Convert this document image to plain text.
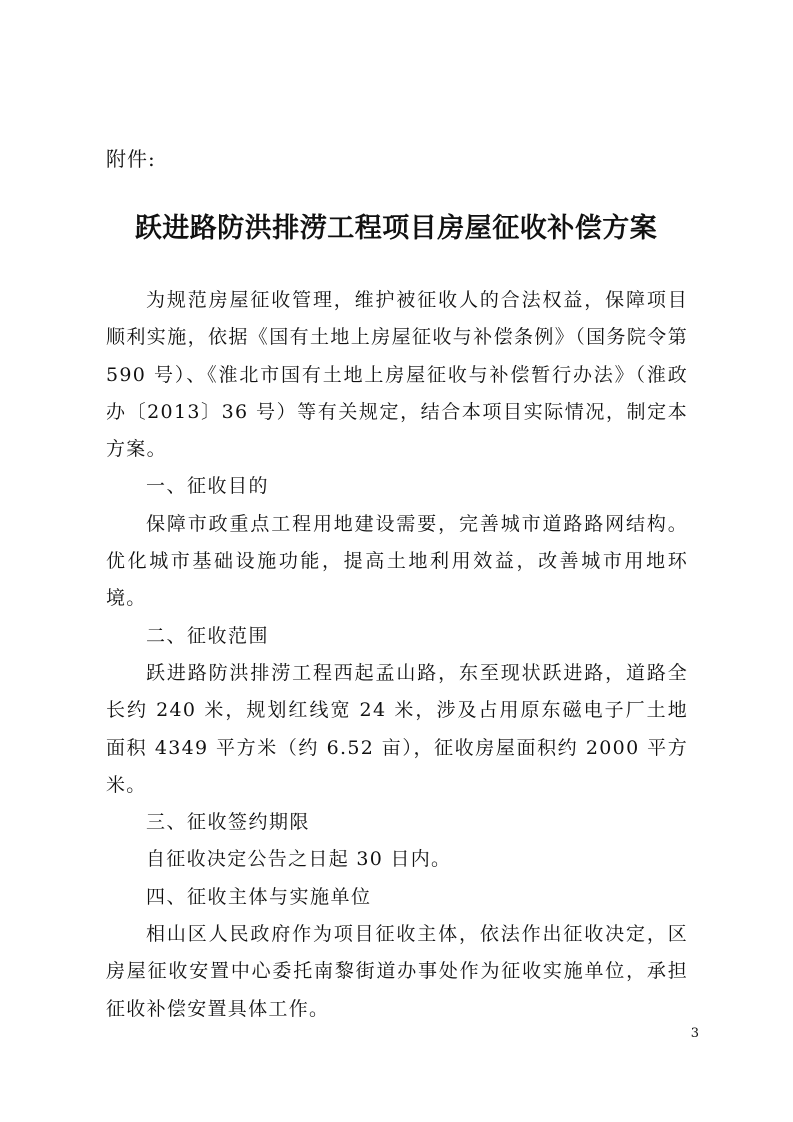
附件:
跃进路防洪排涝工程项目房屋征收补偿方案

为规范房屋征收管理，维护被征收人的合法权益，保障项目顺利实施，依据《国有土地上房屋征收与补偿条例》（国务院令第 590 号）、《淮北市国有土地上房屋征收与补偿暂行办法》（淮政办〔2013〕36 号）等有关规定，结合本项目实际情况，制定本方案。

一、征收目的

保障市政重点工程用地建设需要，完善城市道路路网结构。优化城市基础设施功能，提高土地利用效益，改善城市用地环境。

二、征收范围

跃进路防洪排涝工程西起孟山路，东至现状跃进路，道路全长约 240 米，规划红线宽 24 米，涉及占用原东磁电子厂土地面积 4349 平方米（约 6.52 亩），征收房屋面积约 2000 平方米。

三、征收签约期限

自征收决定公告之日起 30 日内。

四、征收主体与实施单位

相山区人民政府作为项目征收主体，依法作出征收决定，区房屋征收安置中心委托南黎街道办事处作为征收实施单位，承担征收补偿安置具体工作。

3
